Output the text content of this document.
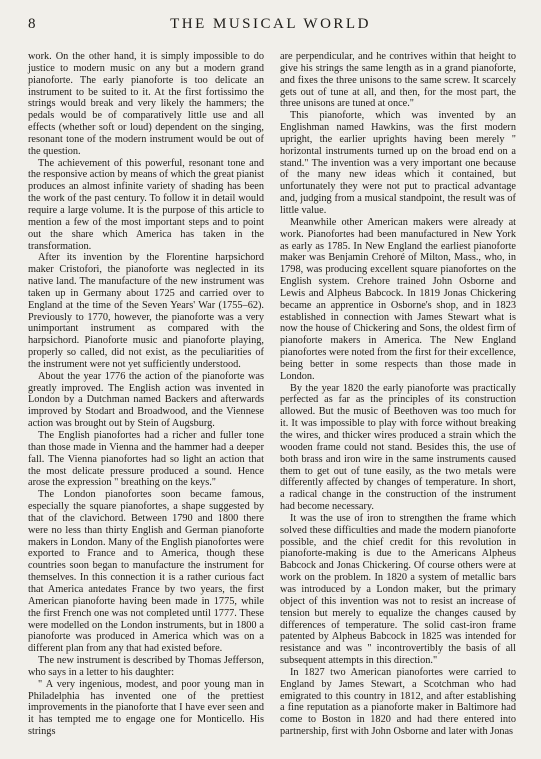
8	THE MUSICAL WORLD

work. On the other hand, it is simply impossible to do justice to modern music on any but a modern grand pianoforte. The early pianoforte is too delicate an instrument to be suited to it. At the first fortissimo the strings would break and very likely the hammers; the pedals would be of comparatively little use and all effects (whether soft or loud) dependent on the singing, resonant tone of the modern instrument would be out of the question.

The achievement of this powerful, resonant tone and the responsive action by means of which the great pianist produces an almost infinite variety of shading has been the work of the past century. To follow it in detail would require a large volume. It is the purpose of this article to mention a few of the most important steps and to point out the share which America has taken in the transformation.

After its invention by the Florentine harpsichord maker Cristofori, the pianoforte was neglected in its native land. The manufacture of the new instrument was taken up in Germany about 1725 and carried over to England at the time of the Seven Years' War (1755–62). Previously to 1770, however, the pianoforte was a very unimportant instrument as compared with the harpsichord. Pianoforte music and pianoforte playing, properly so called, did not exist, as the peculiarities of the instrument were not yet sufficiently understood.

About the year 1776 the action of the pianoforte was greatly improved. The English action was invented in London by a Dutchman named Backers and afterwards improved by Stodart and Broadwood, and the Viennese action was brought out by Stein of Augsburg.

The English pianofortes had a richer and fuller tone than those made in Vienna and the hammer had a deeper fall. The Vienna pianofortes had so light an action that the most delicate pressure produced a sound. Hence arose the expression " breathing on the keys."

The London pianofortes soon became famous, especially the square pianofortes, a shape suggested by that of the clavichord. Between 1790 and 1800 there were no less than thirty English and German pianoforte makers in London. Many of the English pianofortes were exported to France and to America, though these countries soon began to manufacture the instrument for themselves. In this connection it is a rather curious fact that America antedates France by two years, the first American pianoforte having been made in 1775, while the first French one was not completed until 1777. These were modelled on the London instruments, but in 1800 a pianoforte was produced in America which was on a different plan from any that had existed before.

The new instrument is described by Thomas Jefferson, who says in a letter to his daughter:

" A very ingenious, modest, and poor young man in Philadelphia has invented one of the prettiest improvements in the pianoforte that I have ever seen and it has tempted me to engage one for Monticello. His strings

are perpendicular, and he contrives within that height to give his strings the same length as in a grand pianoforte, and fixes the three unisons to the same screw. It scarcely gets out of tune at all, and then, for the most part, the three unisons are tuned at once."

This pianoforte, which was invented by an Englishman named Hawkins, was the first modern upright, the earlier uprights having been merely " horizontal instruments turned up on the broad end on a stand." The invention was a very important one because of the many new ideas which it contained, but unfortunately they were not put to practical advantage and, judging from a musical standpoint, the result was of little value.

Meanwhile other American makers were already at work. Pianofortes had been manufactured in New York as early as 1785. In New England the earliest pianoforte maker was Benjamin Crehoré of Milton, Mass., who, in 1798, was producing excellent square pianofortes on the English system. Crehore trained John Osborne and Lewis and Alpheus Babcock. In 1819 Jonas Chickering became an apprentice in Osborne's shop, and in 1823 established in connection with James Stewart what is now the house of Chickering and Sons, the oldest firm of pianoforte makers in America. The New England pianofortes were noted from the first for their excellence, being better in some respects than those made in London.

By the year 1820 the early pianoforte was practically perfected as far as the principles of its construction allowed. But the music of Beethoven was too much for it. It was impossible to play with force without breaking the wires, and thicker wires produced a strain which the wooden frame could not stand. Besides this, the use of both brass and iron wire in the same instruments caused them to get out of tune easily, as the two metals were differently affected by changes of temperature. In short, a radical change in the construction of the instrument had become necessary.

It was the use of iron to strengthen the frame which solved these difficulties and made the modern pianoforte possible, and the chief credit for this revolution in pianoforte-making is due to the Americans Alpheus Babcock and Jonas Chickering. Of course others were at work on the problem. In 1820 a system of metallic bars was introduced by a London maker, but the primary object of this invention was not to resist an increase of tension but merely to equalize the changes caused by differences of temperature. The solid cast-iron frame patented by Alpheus Babcock in 1825 was intended for resistance and was " incontrovertibly the basis of all subsequent attempts in this direction."

In 1827 two American pianofortes were carried to England by James Stewart, a Scotchman who had emigrated to this country in 1812, and after establishing a fine reputation as a pianoforte maker in Baltimore had come to Boston in 1820 and had there entered into partnership, first with John Osborne and later with Jonas
